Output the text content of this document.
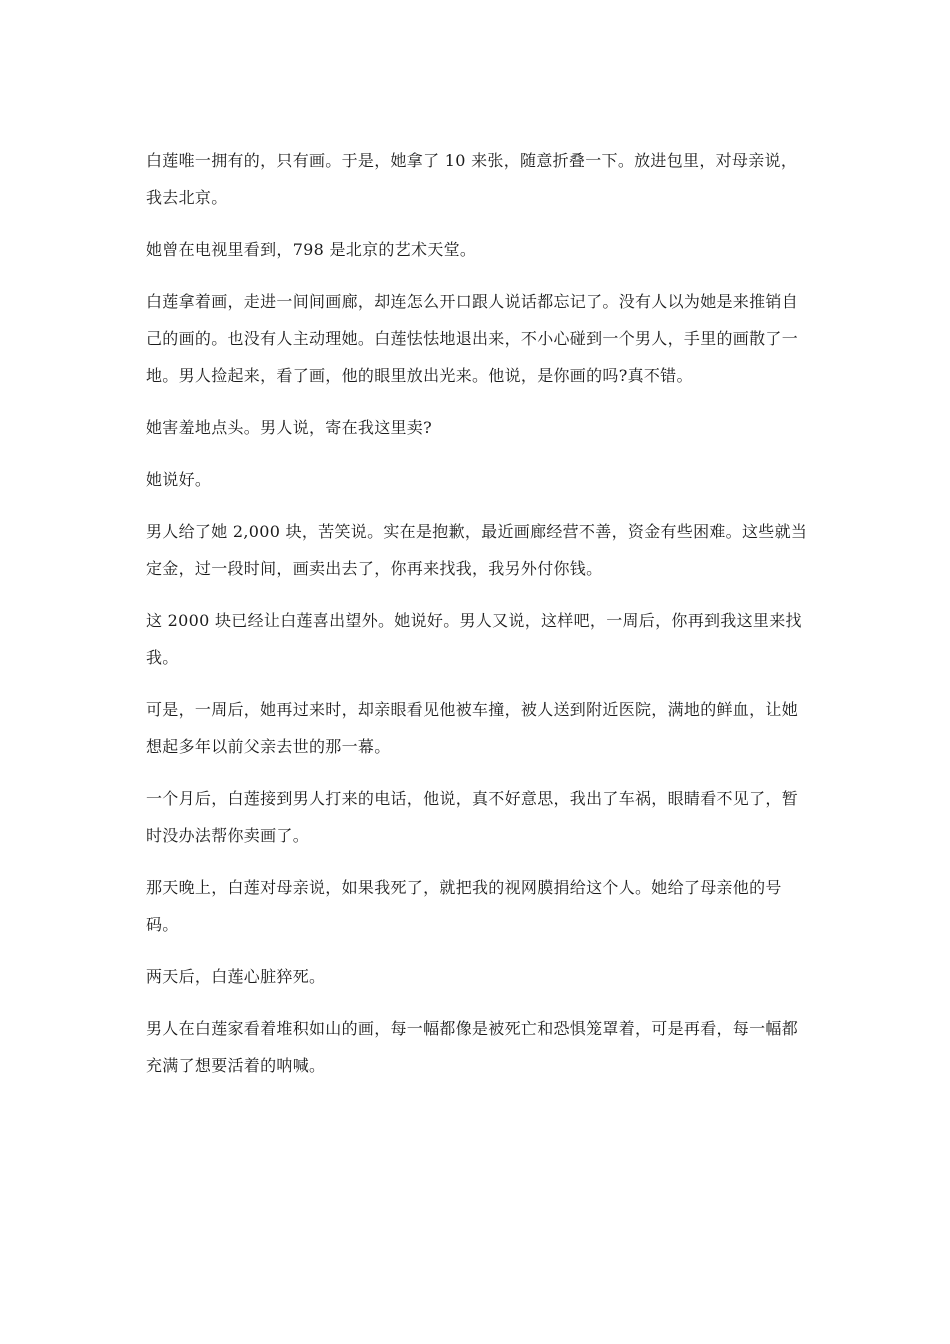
白莲唯一拥有的，只有画。于是，她拿了 10 来张，随意折叠一下。放进包里，对母亲说，我去北京。

她曾在电视里看到，798 是北京的艺术天堂。

白莲拿着画，走进一间间画廊，却连怎么开口跟人说话都忘记了。没有人以为她是来推销自己的画的。也没有人主动理她。白莲怯怯地退出来，不小心碰到一个男人，手里的画散了一地。男人捡起来，看了画，他的眼里放出光来。他说，是你画的吗?真不错。

她害羞地点头。男人说，寄在我这里卖?

她说好。

男人给了她 2,000 块，苦笑说。实在是抱歉，最近画廊经营不善，资金有些困难。这些就当定金，过一段时间，画卖出去了，你再来找我，我另外付你钱。

这 2000 块已经让白莲喜出望外。她说好。男人又说，这样吧，一周后，你再到我这里来找我。

可是，一周后，她再过来时，却亲眼看见他被车撞，被人送到附近医院，满地的鲜血，让她想起多年以前父亲去世的那一幕。

一个月后，白莲接到男人打来的电话，他说，真不好意思，我出了车祸，眼睛看不见了，暂时没办法帮你卖画了。

那天晚上，白莲对母亲说，如果我死了，就把我的视网膜捐给这个人。她给了母亲他的号码。

两天后，白莲心脏猝死。

男人在白莲家看着堆积如山的画，每一幅都像是被死亡和恐惧笼罩着，可是再看，每一幅都充满了想要活着的呐喊。
